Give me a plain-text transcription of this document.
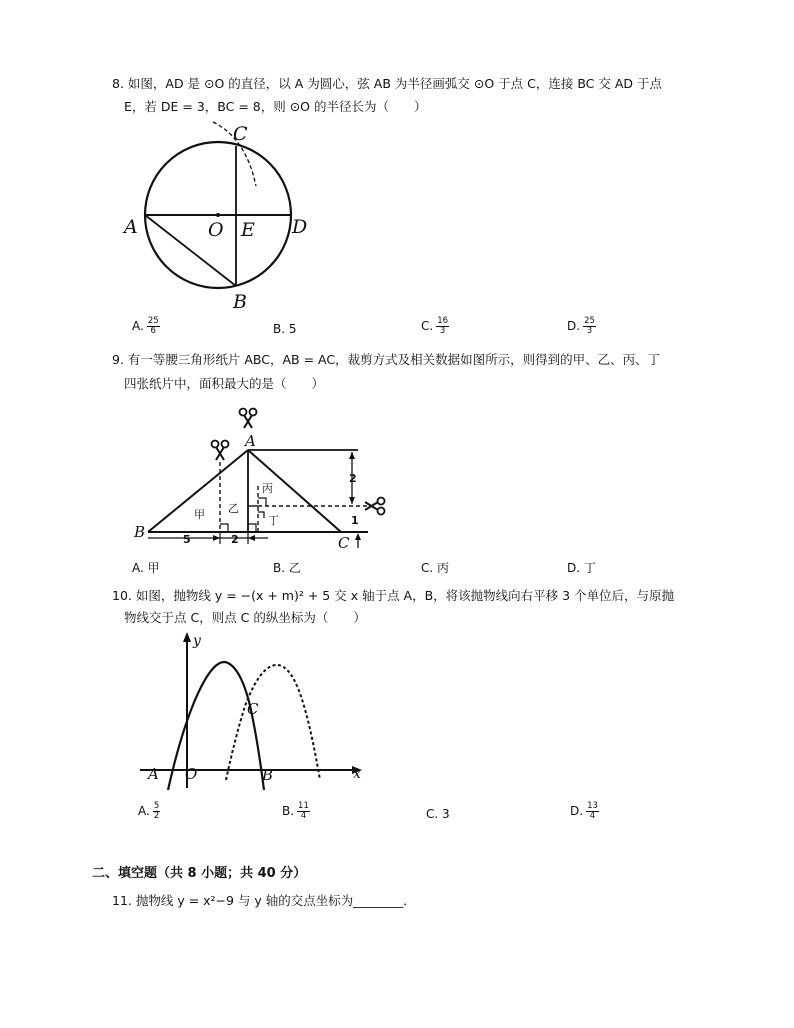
8. 如图，AD 是 ⊙O 的直径，以 A 为圆心，弦 AB 为半径画弧交 ⊙O 于点 C，连接 BC 交 AD 于点
E，若 DE = 3，BC = 8，则 ⊙O 的半径长为（　　）
C
A	O E D
B
A. $\frac{25}{6}$	B. 5	C. $\frac{16}{3}$	D. $\frac{25}{3}$
9. 有一等腰三角形纸片 ABC，AB = AC，裁剪方式及相关数据如图所示，则得到的甲、乙、丙、丁
四张纸片中，面积最大的是（　　）
A
B
C
甲 乙
丙
丁
5	2
2
1
A. 甲	B. 乙	C. 丙	D. 丁
10. 如图，抛物线 y = −(x + m)² + 5 交 x 轴于点 A，B，将该抛物线向右平移 3 个单位后，与原抛
物线交于点 C，则点 C 的纵坐标为（　　）
y
x
A O	B
C
A. $\frac{5}{2}$	B. $\frac{11}{4}$	C. 3	D. $\frac{13}{4}$
二、填空题（共 8 小题；共 40 分）
11. 抛物线 y = x²−9 与 y 轴的交点坐标为________．
